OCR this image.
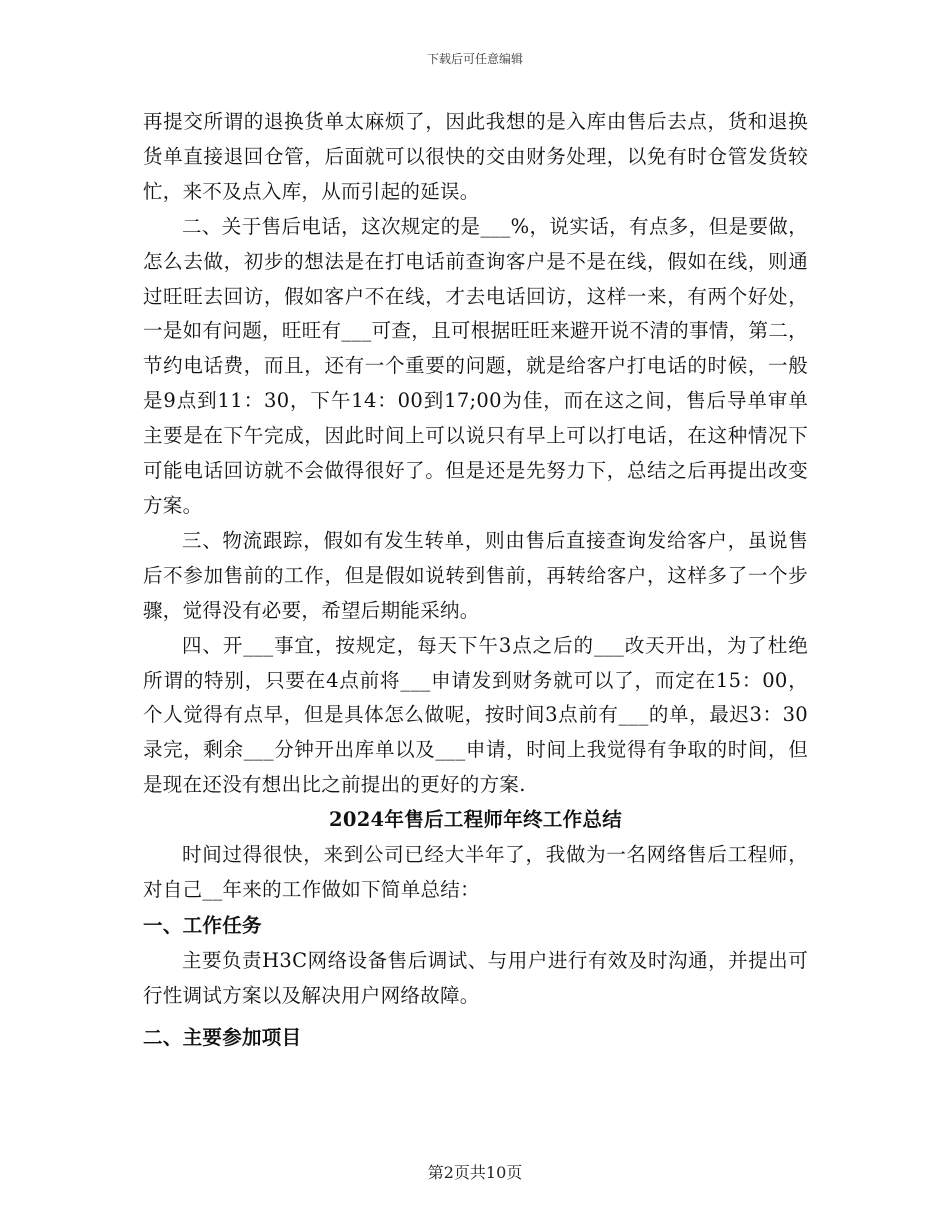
下载后可任意编辑

再提交所谓的退换货单太麻烦了，因此我想的是入库由售后去点，货和退换货单直接退回仓管，后面就可以很快的交由财务处理，以免有时仓管发货较忙，来不及点入库，从而引起的延误。

二、关于售后电话，这次规定的是___%，说实话，有点多，但是要做，怎么去做，初步的想法是在打电话前查询客户是不是在线，假如在线，则通过旺旺去回访，假如客户不在线，才去电话回访，这样一来，有两个好处，一是如有问题，旺旺有___可查，且可根据旺旺来避开说不清的事情，第二，节约电话费，而且，还有一个重要的问题，就是给客户打电话的时候，一般是9点到11：30，下午14：00到17;00为佳，而在这之间，售后导单审单主要是在下午完成，因此时间上可以说只有早上可以打电话，在这种情况下可能电话回访就不会做得很好了。但是还是先努力下，总结之后再提出改变方案。

三、物流跟踪，假如有发生转单，则由售后直接查询发给客户，虽说售后不参加售前的工作，但是假如说转到售前，再转给客户，这样多了一个步骤，觉得没有必要，希望后期能采纳。

四、开___事宜，按规定，每天下午3点之后的___改天开出，为了杜绝所谓的特别，只要在4点前将___申请发到财务就可以了，而定在15：00，个人觉得有点早，但是具体怎么做呢，按时间3点前有___的单，最迟3：30录完，剩余___分钟开出库单以及___申请，时间上我觉得有争取的时间，但是现在还没有想出比之前提出的更好的方案.

2024年售后工程师年终工作总结

时间过得很快，来到公司已经大半年了，我做为一名网络售后工程师，对自己__年来的工作做如下简单总结：

一、工作任务

主要负责H3C网络设备售后调试、与用户进行有效及时沟通，并提出可行性调试方案以及解决用户网络故障。

二、主要参加项目

第2页共10页
